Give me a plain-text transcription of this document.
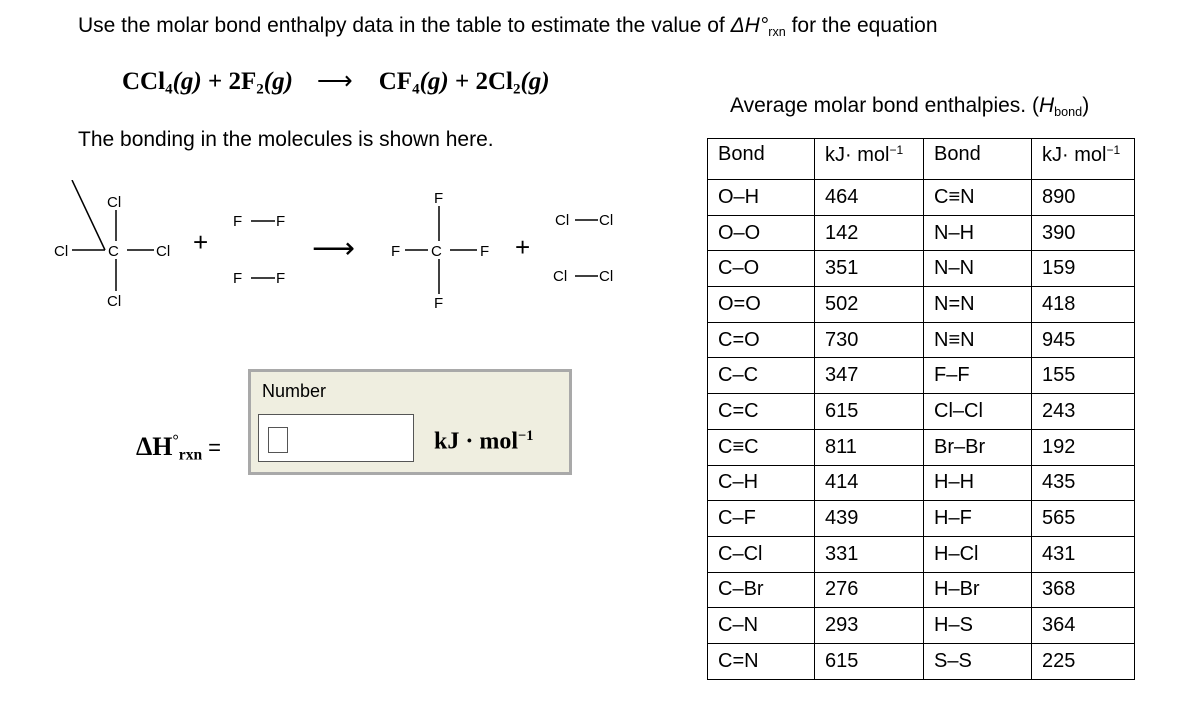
Use the molar bond enthalpy data in the table to estimate the value of $\Delta H^\circ_{rxn}$ for the equation
$CCl_4(g) + 2F_2(g)$ ⟶ $CF_4(g) + 2Cl_2(g)$
The bonding in the molecules is shown here.
Cl	C Cl
Cl
Cl
+
F F
F F
⟶ F C	F
F
F
+
Cl Cl
Cl Cl
$\Delta H^\circ_{rxn}$ =
Number
kJ · mol$^{-1}$
Average molar bond enthalpies. $(H_{bond})$
Bond	kJ· mol$^{-1}$	Bond	kJ· mol$^{-1}$
O–H	464	C≡N	890
O–O	142	N–H	390
C–O	351	N–N	159
O=O	502	N=N	418
C=O	730	N≡N	945
C–C	347	F–F	155
C=C	615	Cl–Cl	243
C≡C	811	Br–Br	192
C–H	414	H–H	435
C–F	439	H–F	565
C–Cl	331	H–Cl	431
C–Br	276	H–Br	368
C–N	293	H–S	364
C=N	615	S–S	225
